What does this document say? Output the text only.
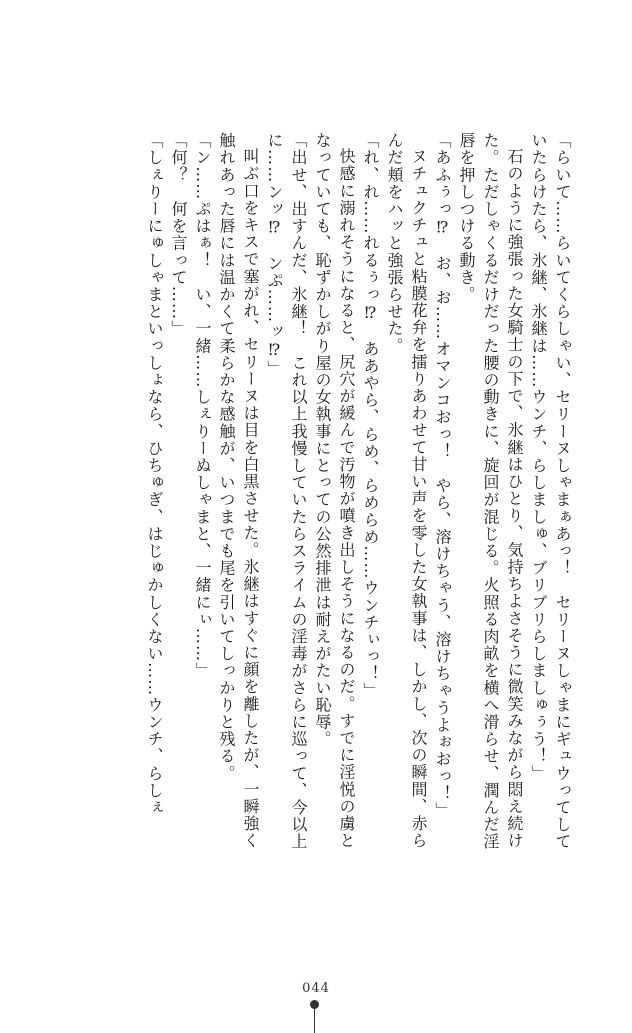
「らいて……らいてくらしゃい、セリーヌしゃまぁあっ！　セリーヌしゃまにギュウってしていたらけたら、氷継、氷継は……ウンチ、らしましゅ、ブリブリらしましゅぅう！」

石のように強張った女騎士の下で、氷継はひとり、気持ちよさそうに微笑みながら悶え続けた。ただしゃくるだけだった腰の動きに、旋回が混じる。火照る肉畝を横へ滑らせ、潤んだ淫唇を押しつける動き。

「あふぅっ⁉　お、お……オマンコおっ！　やら、溶けちゃう、溶けちゃうよぉおっ！」

ヌチュクチュと粘膜花弁を擂りあわせて甘い声を零した女執事は、しかし、次の瞬間、赤らんだ頬をハッと強張らせた。

「れ、れ……れるぅっ⁉　ああやら、らめ、らめらめ……ウンチぃっ！」

快感に溺れそうになると、尻穴が緩んで汚物が噴き出しそうになるのだ。すでに淫悦の虜となっていても、恥ずかしがり屋の女執事にとっての公然排泄は耐えがたい恥辱。

「出せ、出すんだ、氷継！　これ以上我慢していたらスライムの淫毒がさらに巡って、今以上に……ンッ⁉　ンぷ……ッ⁉」

叫ぶ口をキスで塞がれ、セリーヌは目を白黒させた。氷継はすぐに顔を離したが、一瞬強く触れあった唇には温かくて柔らかな感触が、いつまでも尾を引いてしっかりと残る。

「ン……ぷはぁ！　い、一緒……しぇりーぬしゃまと、一緒にぃ……」

「何？　何を言って……」

「しぇりーにゅしゃまといっしょなら、ひちゅぎ、はじゅかしくない……ウンチ、らしぇ

044
